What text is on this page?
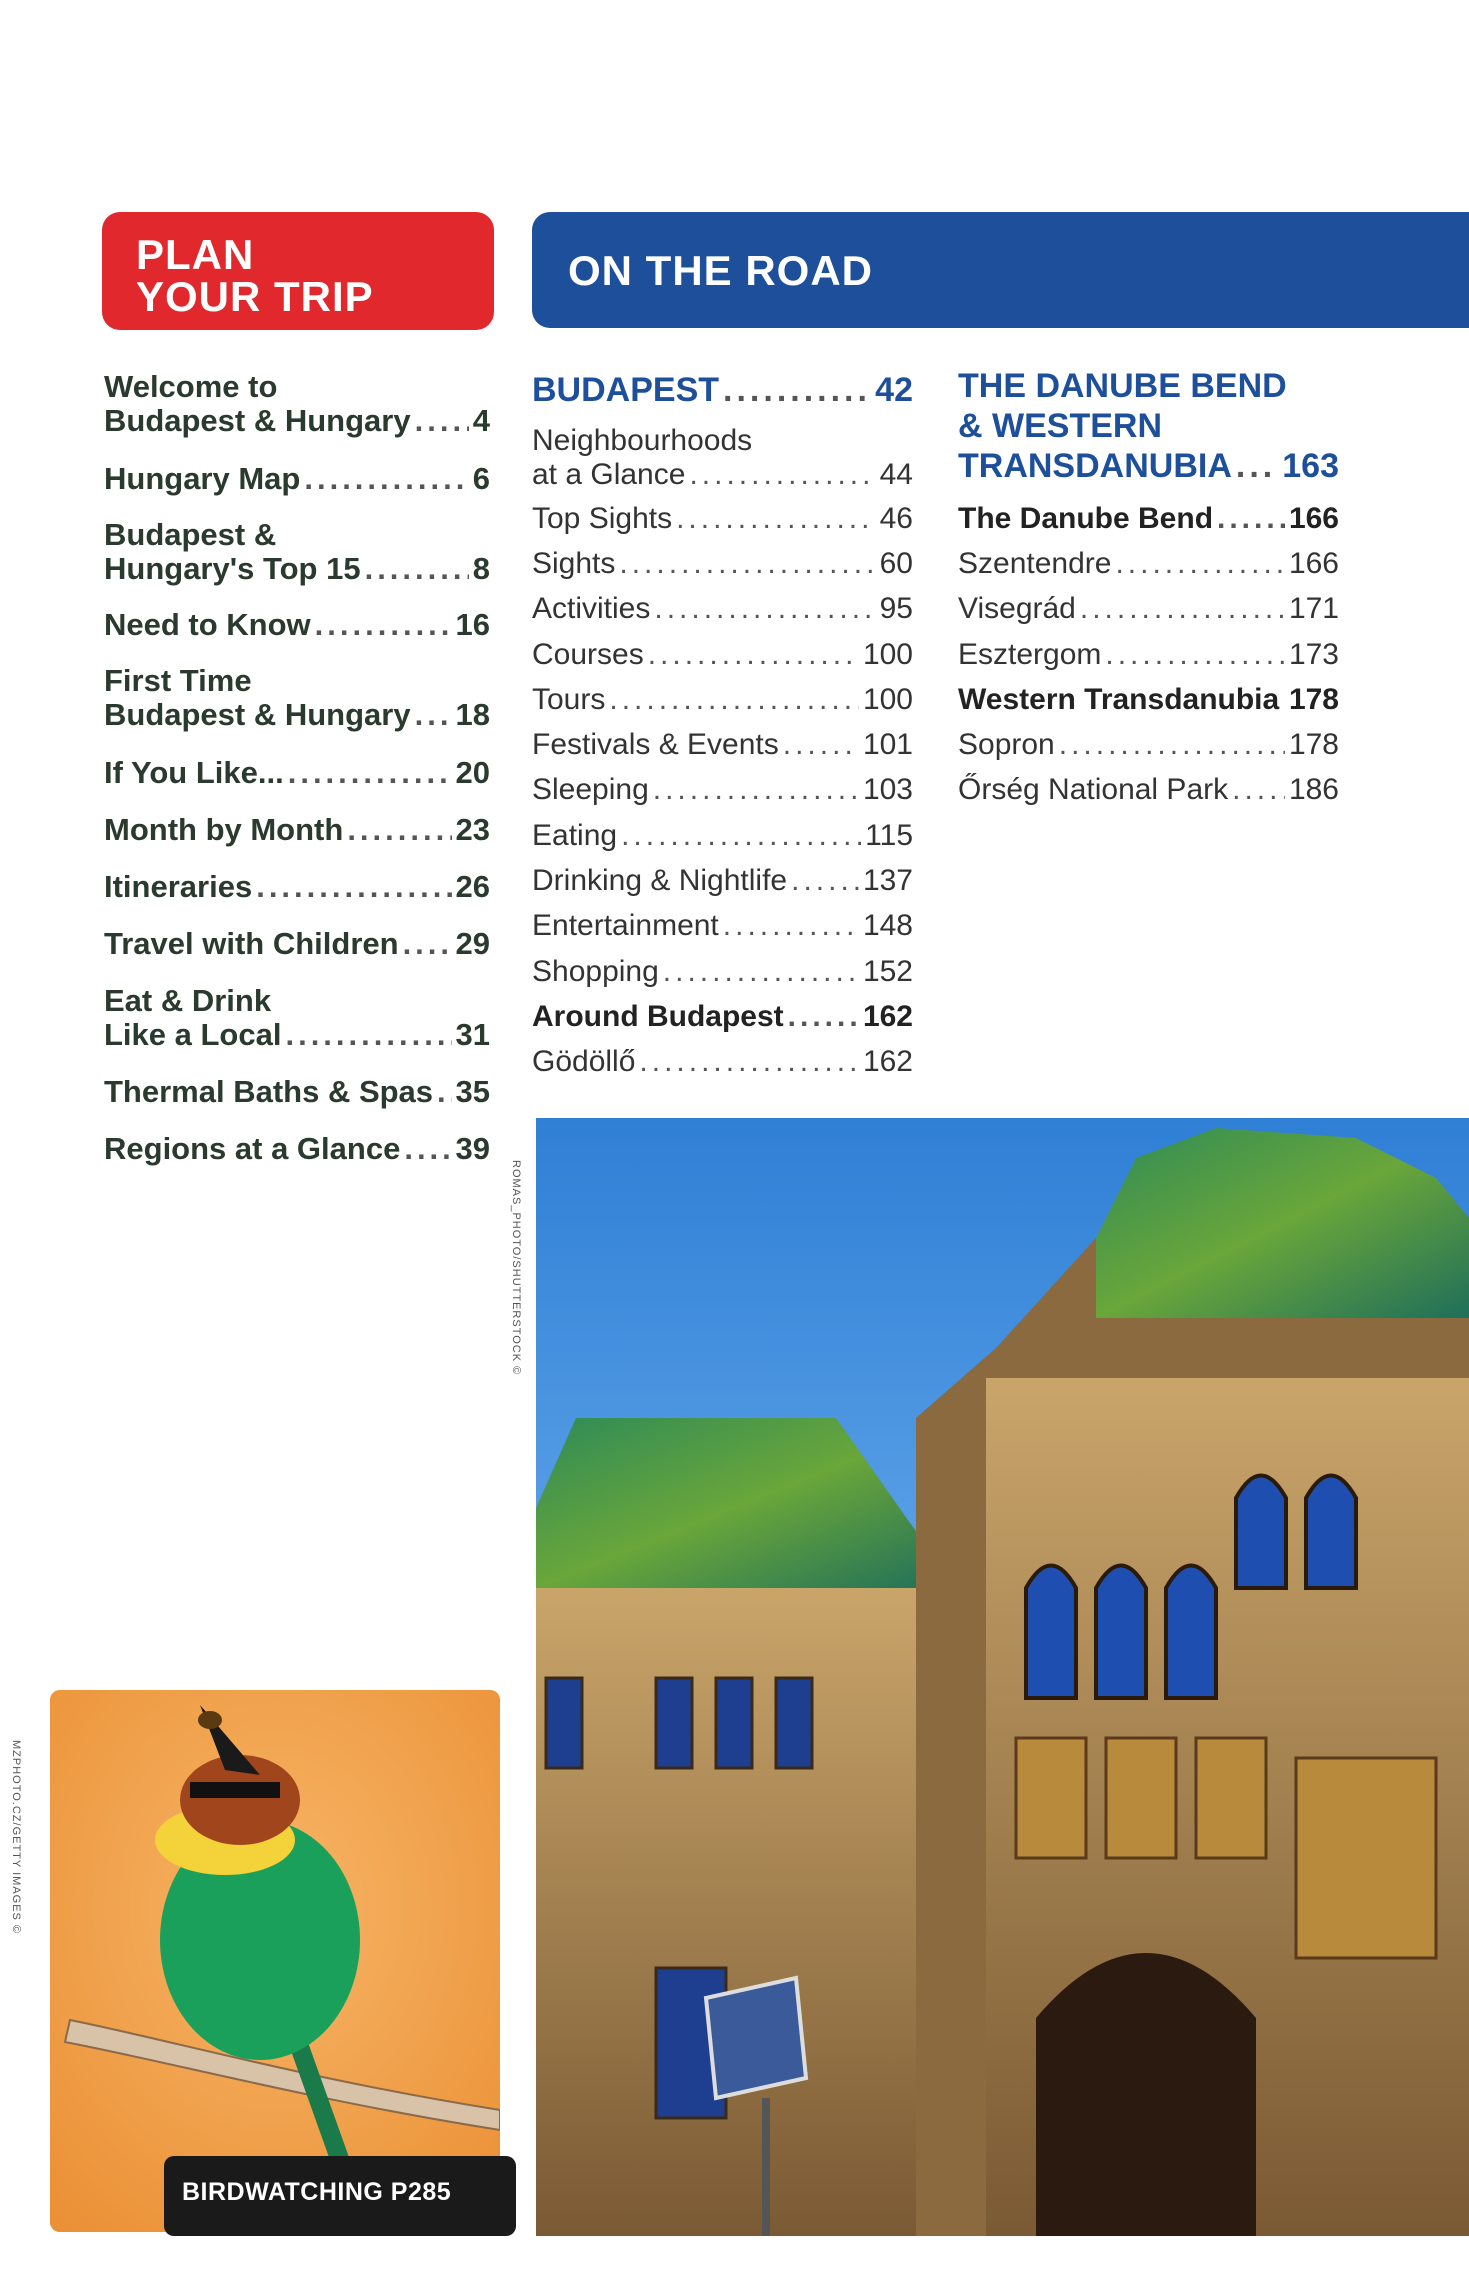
PLAN
YOUR TRIP
ON THE ROAD
Welcome to
Budapest & Hungary ..... 4
Hungary Map .....	6
Budapest &
Hungary's Top 15 .....	8
Need to Know .....	16
First Time
Budapest & Hungary ..... 18
If You Like... .....	20
Month by Month .....	23
Itineraries .....	26
Travel with Children ..... 29
Eat & Drink
Like a Local .....	31
Thermal Baths & Spas ..... 35
Regions at a Glance ..... 39
BUDAPEST .....	42
Neighbourhoods
at a Glance .....	44
Top Sights .....	46
Sights .....	60
Activities .....	95
Courses .....	100
Tours .....	100
Festivals & Events .....	101
Sleeping .....	103
Eating .....	115
Drinking & Nightlife .....	137
Entertainment .....	148
Shopping .....	152
Around Budapest .....	162
Gödöllő .....	162
THE DANUBE BEND
& WESTERN
TRANSDANUBIA ..... 163
The Danube Bend .....	166
Szentendre .....	166
Visegrád .....	171
Esztergom .....	173
Western Transdanubia ..... 178
Sopron .....	178
Őrség National Park ..... 186
ROMAS_PHOTO/SHUTTERSTOCK ©
MZPHOTO.CZ/GETTY IMAGES ©
BIRDWATCHING P285
